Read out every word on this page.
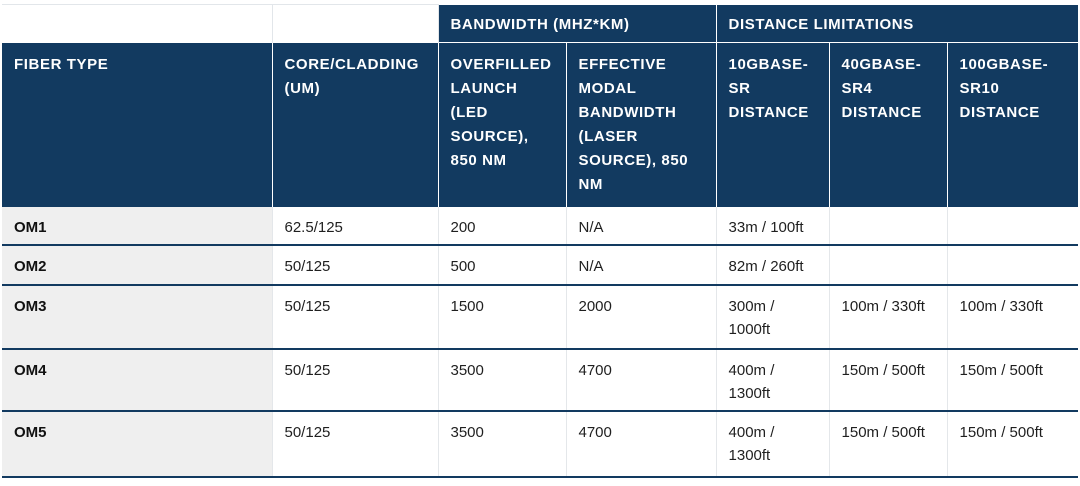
		BANDWIDTH (MHZ*KM)		DISTANCE LIMITATIONS		
FIBER TYPE	CORE/CLADDING (UM)	OVERFILLED LAUNCH (LED SOURCE), 850 NM	EFFECTIVE MODAL BANDWIDTH (LASER SOURCE), 850 NM	10GBASE-SR DISTANCE	40GBASE-SR4 DISTANCE	100GBASE-SR10 DISTANCE
OM1	62.5/125	200	N/A	33m / 100ft		
OM2	50/125	500	N/A	82m / 260ft		
OM3	50/125	1500	2000	300m / 1000ft	100m / 330ft	100m / 330ft
OM4	50/125	3500	4700	400m / 1300ft	150m / 500ft	150m / 500ft
OM5	50/125	3500	4700	400m / 1300ft	150m / 500ft	150m / 500ft
